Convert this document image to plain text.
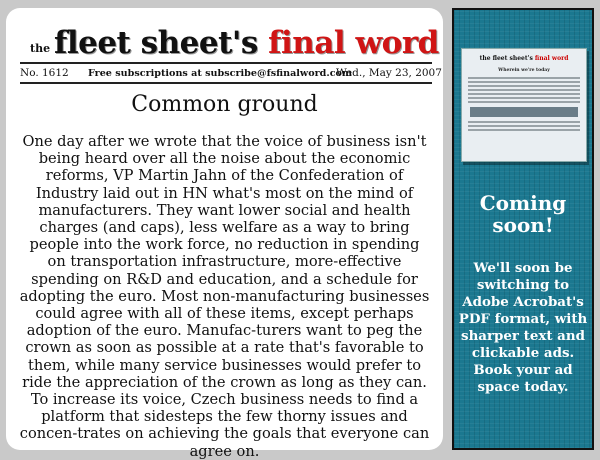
the fleet sheet's final word
No. 1612 Free subscriptions at subscribe@fsfinalword.com
Wed., May 23, 2007
Common ground

One day after we wrote that the voice of business isn't being heard over all the noise about the economic reforms, VP Martin Jahn of the Confederation of Industry laid out in HN what's most on the mind of manufacturers. They want lower social and health charges (and caps), less welfare as a way to bring people into the work force, no reduction in spending on transportation infrastructure, more-effective spending on R&D and education, and a schedule for adopting the euro. Most non-manufacturing businesses could agree with all of these items, except perhaps adoption of the euro. Manufac-turers want to peg the crown as soon as possible at a rate that's favorable to them, while many service businesses would prefer to ride the appreciation of the crown as long as they can. To increase its voice, Czech business needs to find a platform that sidesteps the few thorny issues and concen-trates on achieving the goals that everyone can agree on.

the fleet sheet's final word
Wherein we're today
Coming soon!
We'll soon be switching to Adobe Acrobat's PDF format, with sharper text and clickable ads. Book your ad space today.
